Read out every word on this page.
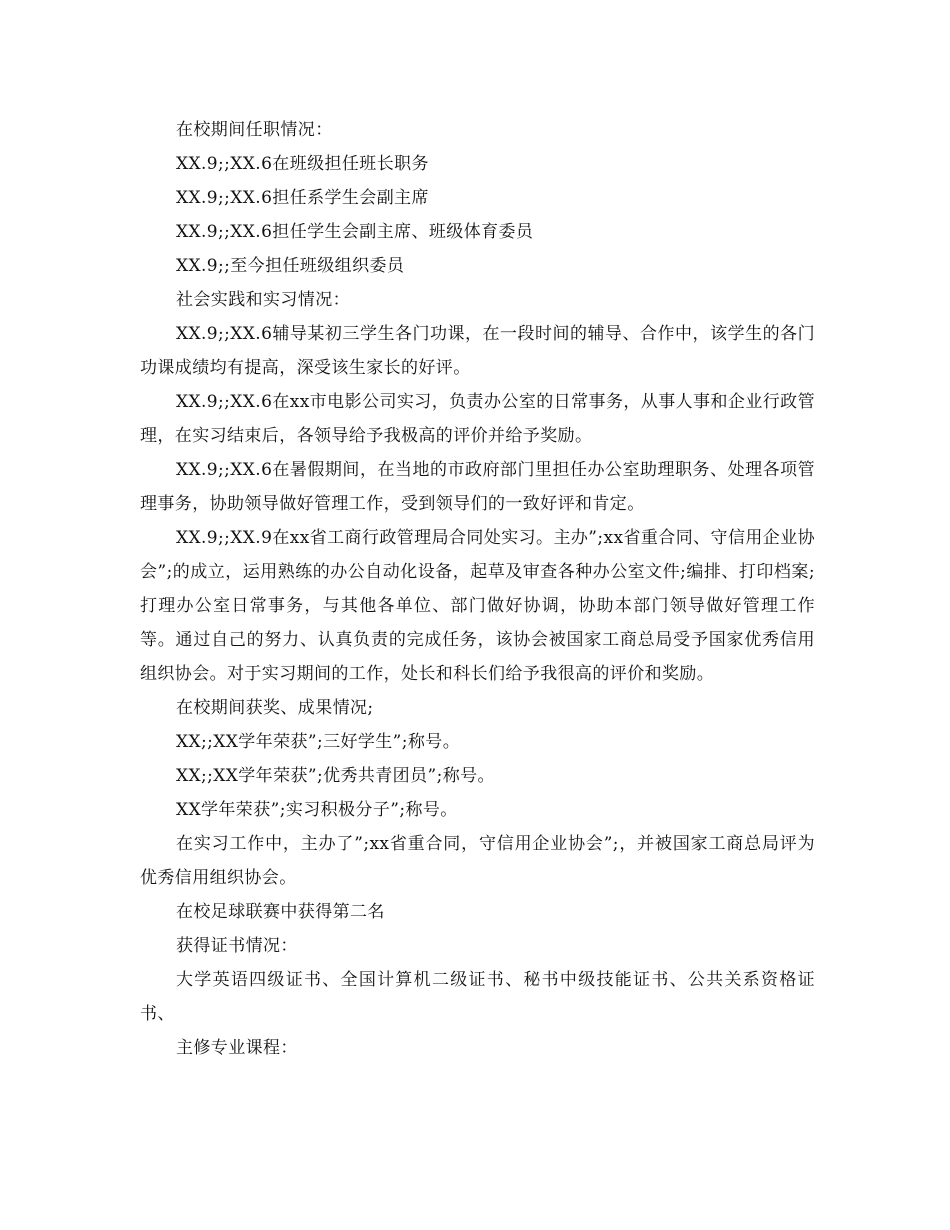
在校期间任职情况：

XX.9;;XX.6在班级担任班长职务

XX.9;;XX.6担任系学生会副主席

XX.9;;XX.6担任学生会副主席、班级体育委员

XX.9;;至今担任班级组织委员

社会实践和实习情况：

XX.9;;XX.6辅导某初三学生各门功课，在一段时间的辅导、合作中，该学生的各门功课成绩均有提高，深受该生家长的好评。

XX.9;;XX.6在xx市电影公司实习，负责办公室的日常事务，从事人事和企业行政管理，在实习结束后，各领导给予我极高的评价并给予奖励。

XX.9;;XX.6在暑假期间，在当地的市政府部门里担任办公室助理职务、处理各项管理事务，协助领导做好管理工作，受到领导们的一致好评和肯定。

XX.9;;XX.9在xx省工商行政管理局合同处实习。主办”;xx省重合同、守信用企业协会”;的成立，运用熟练的办公自动化设备，起草及审查各种办公室文件;编排、打印档案;打理办公室日常事务，与其他各单位、部门做好协调，协助本部门领导做好管理工作等。通过自己的努力、认真负责的完成任务，该协会被国家工商总局受予国家优秀信用组织协会。对于实习期间的工作，处长和科长们给予我很高的评价和奖励。

在校期间获奖、成果情况;

XX;;XX学年荣获”;三好学生”;称号。

XX;;XX学年荣获”;优秀共青团员”;称号。

XX学年荣获”;实习积极分子”;称号。

在实习工作中，主办了”;xx省重合同，守信用企业协会”;，并被国家工商总局评为优秀信用组织协会。

在校足球联赛中获得第二名

获得证书情况：

大学英语四级证书、全国计算机二级证书、秘书中级技能证书、公共关系资格证书、

主修专业课程：
